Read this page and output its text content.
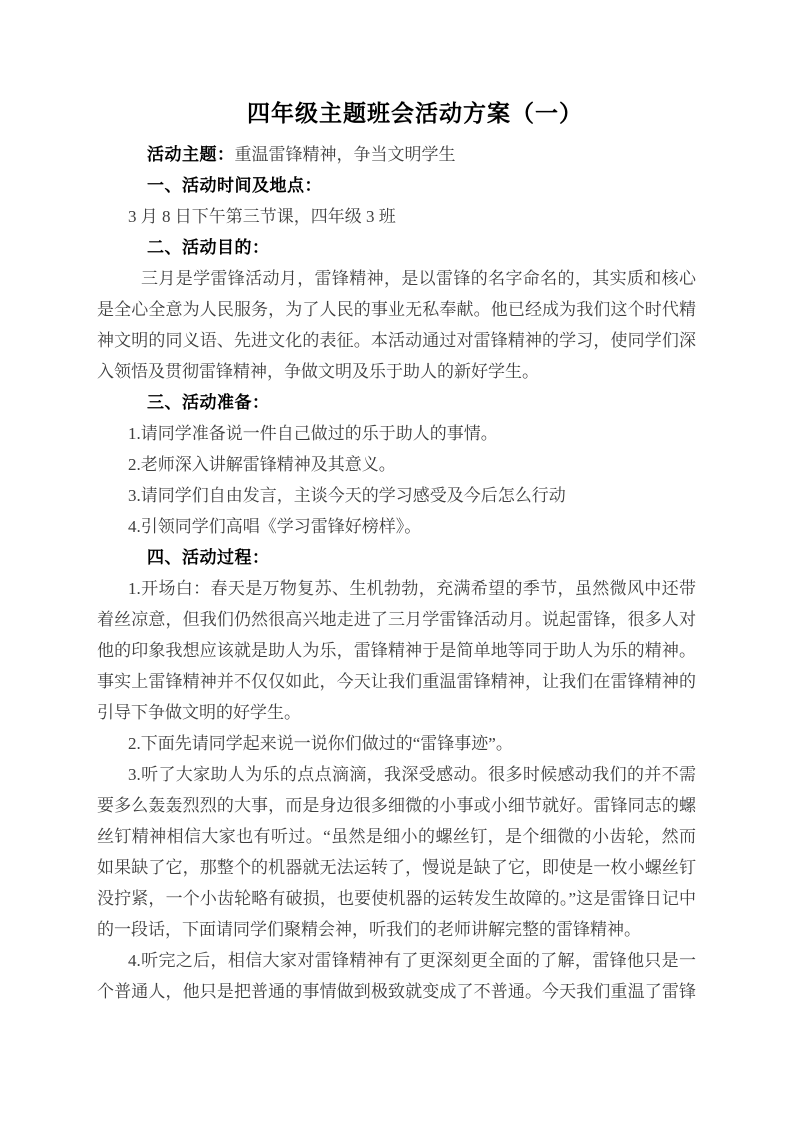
四年级主题班会活动方案（一）

活动主题：重温雷锋精神，争当文明学生

一、活动时间及地点：

3 月 8 日下午第三节课，四年级 3 班

二、活动目的：

三月是学雷锋活动月，雷锋精神，是以雷锋的名字命名的，其实质和核心是全心全意为人民服务，为了人民的事业无私奉献。他已经成为我们这个时代精神文明的同义语、先进文化的表征。本活动通过对雷锋精神的学习，使同学们深入领悟及贯彻雷锋精神，争做文明及乐于助人的新好学生。

三、活动准备：

1.请同学准备说一件自己做过的乐于助人的事情。

2.老师深入讲解雷锋精神及其意义。

3.请同学们自由发言，主谈今天的学习感受及今后怎么行动

4.引领同学们高唱《学习雷锋好榜样》。

四、活动过程：

1.开场白：春天是万物复苏、生机勃勃，充满希望的季节，虽然微风中还带着丝凉意，但我们仍然很高兴地走进了三月学雷锋活动月。说起雷锋，很多人对他的印象我想应该就是助人为乐，雷锋精神于是简单地等同于助人为乐的精神。事实上雷锋精神并不仅仅如此，今天让我们重温雷锋精神，让我们在雷锋精神的引导下争做文明的好学生。

2.下面先请同学起来说一说你们做过的“雷锋事迹”。

3.听了大家助人为乐的点点滴滴，我深受感动。很多时候感动我们的并不需要多么轰轰烈烈的大事，而是身边很多细微的小事或小细节就好。雷锋同志的螺丝钉精神相信大家也有听过。“虽然是细小的螺丝钉，是个细微的小齿轮，然而如果缺了它，那整个的机器就无法运转了，慢说是缺了它，即使是一枚小螺丝钉没拧紧，一个小齿轮略有破损，也要使机器的运转发生故障的。”这是雷锋日记中的一段话，下面请同学们聚精会神，听我们的老师讲解完整的雷锋精神。

4.听完之后，相信大家对雷锋精神有了更深刻更全面的了解，雷锋他只是一个普通人，他只是把普通的事情做到极致就变成了不普通。今天我们重温了雷锋
